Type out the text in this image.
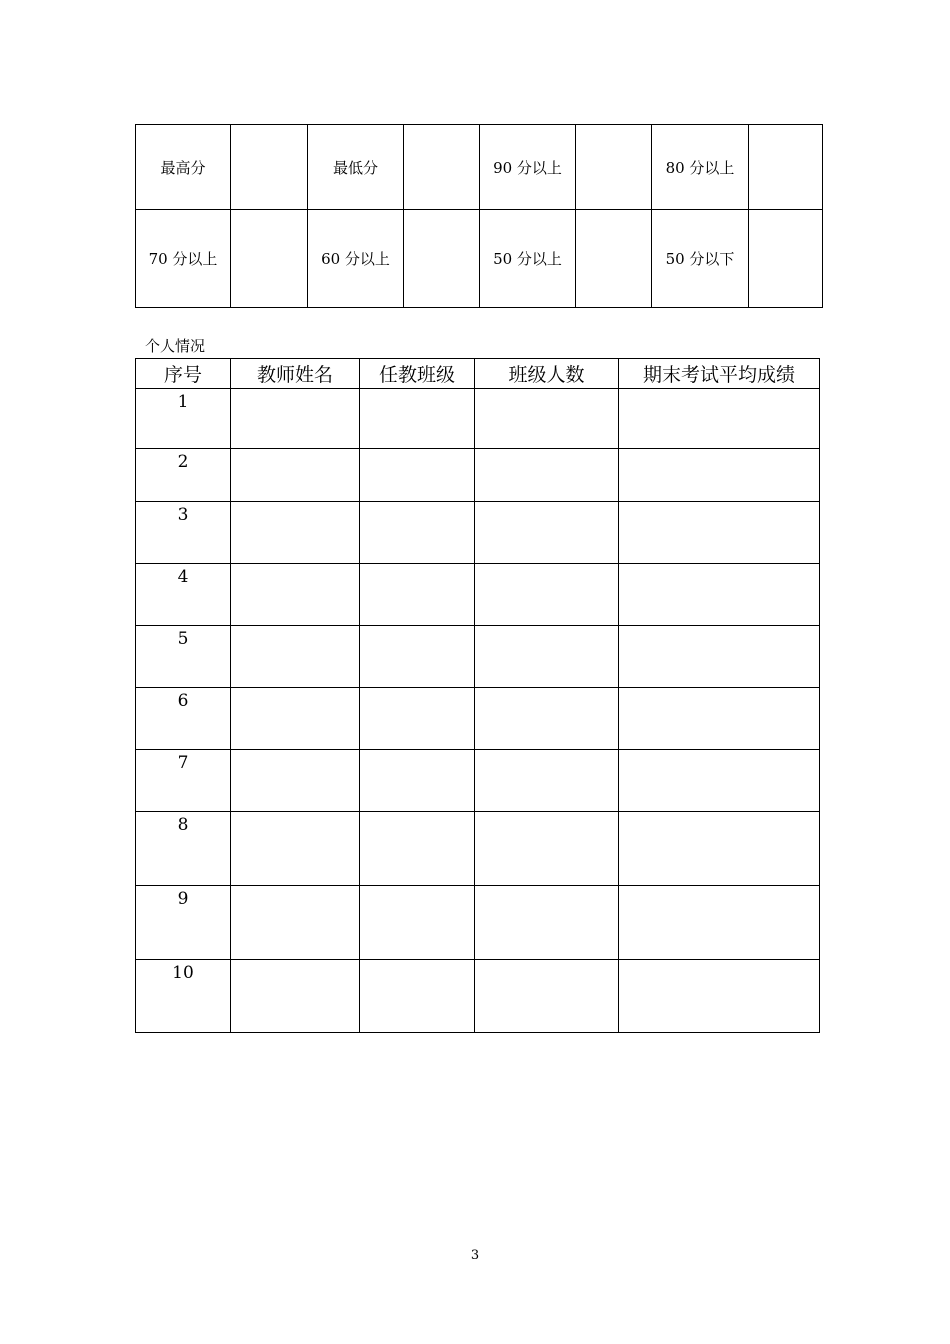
最高分		最低分		90 分以上		80 分以上	
70 分以上		60 分以上		50 分以上		50 分以下	
个人情况
序号	教师姓名	任教班级	班级人数	期末考试平均成绩
1				
2				
3				
4				
5				
6				
7				
8				
9				
10				
3
